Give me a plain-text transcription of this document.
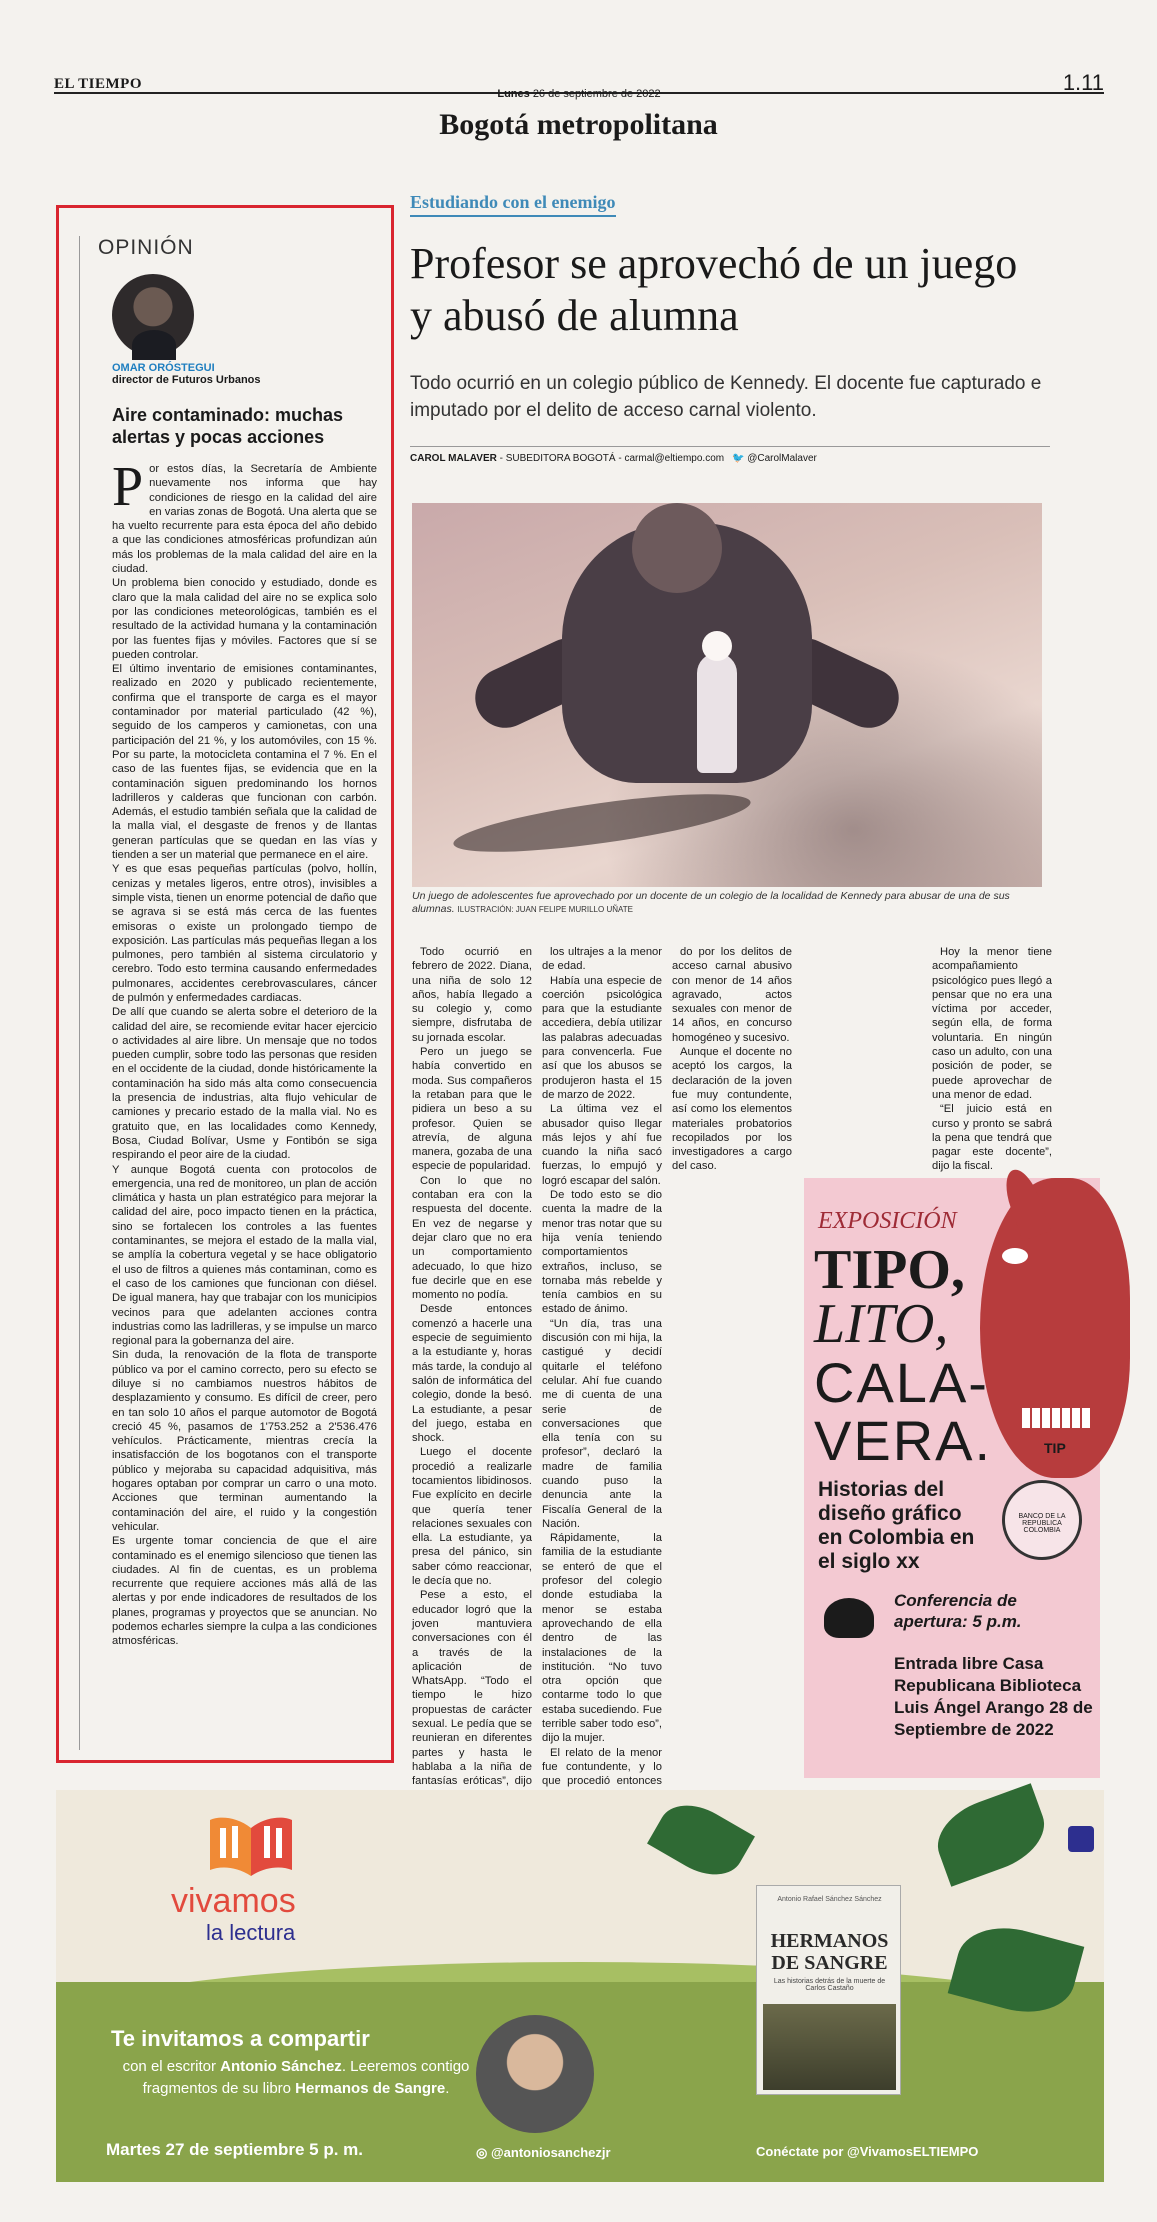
EL TIEMPO
Lunes 26 de septiembre de 2022	1.11
Bogotá metropolitana
OPINIÓN
OMAR ORÓSTEGUI
director de Futuros Urbanos
Aire contaminado: muchas alertas y pocas acciones

Por estos días, la Secretaría de Ambiente nuevamente nos informa que hay condiciones de riesgo en la calidad del aire en varias zonas de Bogotá. Una alerta que se ha vuelto recurrente para esta época del año debido a que las condiciones atmosféricas profundizan aún más los problemas de la mala calidad del aire en la ciudad.

Un problema bien conocido y estudiado, donde es claro que la mala calidad del aire no se explica solo por las condiciones meteorológicas, también es el resultado de la actividad humana y la contaminación por las fuentes fijas y móviles. Factores que sí se pueden controlar.

El último inventario de emisiones contaminantes, realizado en 2020 y publicado recientemente, confirma que el transporte de carga es el mayor contaminador por material particulado (42 %), seguido de los camperos y camionetas, con una participación del 21 %, y los automóviles, con 15 %. Por su parte, la motocicleta contamina el 7 %. En el caso de las fuentes fijas, se evidencia que en la contaminación siguen predominando los hornos ladrilleros y calderas que funcionan con carbón. Además, el estudio también señala que la calidad de la malla vial, el desgaste de frenos y de llantas generan partículas que se quedan en las vías y tienden a ser un material que permanece en el aire.

Y es que esas pequeñas partículas (polvo, hollín, cenizas y metales ligeros, entre otros), invisibles a simple vista, tienen un enorme potencial de daño que se agrava si se está más cerca de las fuentes emisoras o existe un prolongado tiempo de exposición. Las partículas más pequeñas llegan a los pulmones, pero también al sistema circulatorio y cerebro. Todo esto termina causando enfermedades pulmonares, accidentes cerebrovasculares, cáncer de pulmón y enfermedades cardiacas.

De allí que cuando se alerta sobre el deterioro de la calidad del aire, se recomiende evitar hacer ejercicio o actividades al aire libre. Un mensaje que no todos pueden cumplir, sobre todo las personas que residen en el occidente de la ciudad, donde históricamente la contaminación ha sido más alta como consecuencia la presencia de industrias, alta flujo vehicular de camiones y precario estado de la malla vial. No es gratuito que, en las localidades como Kennedy, Bosa, Ciudad Bolívar, Usme y Fontibón se siga respirando el peor aire de la ciudad.

Y aunque Bogotá cuenta con protocolos de emergencia, una red de monitoreo, un plan de acción climática y hasta un plan estratégico para mejorar la calidad del aire, poco impacto tienen en la práctica, sino se fortalecen los controles a las fuentes contaminantes, se mejora el estado de la malla vial, se amplía la cobertura vegetal y se hace obligatorio el uso de filtros a quienes más contaminan, como es el caso de los camiones que funcionan con diésel. De igual manera, hay que trabajar con los municipios vecinos para que adelanten acciones contra industrias como las ladrilleras, y se impulse un marco regional para la gobernanza del aire.

Sin duda, la renovación de la flota de transporte público va por el camino correcto, pero su efecto se diluye si no cambiamos nuestros hábitos de desplazamiento y consumo. Es difícil de creer, pero en tan solo 10 años el parque automotor de Bogotá creció 45 %, pasamos de 1'753.252 a 2'536.476 vehículos. Prácticamente, mientras crecía la insatisfacción de los bogotanos con el transporte público y mejoraba su capacidad adquisitiva, más hogares optaban por comprar un carro o una moto. Acciones que terminan aumentando la contaminación del aire, el ruido y la congestión vehicular.

Es urgente tomar conciencia de que el aire contaminado es el enemigo silencioso que tienen las ciudades. Al fin de cuentas, es un problema recurrente que requiere acciones más allá de las alertas y por ende indicadores de resultados de los planes, programas y proyectos que se anuncian. No podemos echarles siempre la culpa a las condiciones atmosféricas.

Estudiando con el enemigo
Profesor se aprovechó de un juego y abusó de alumna
Todo ocurrió en un colegio público de Kennedy. El docente fue capturado e imputado por el delito de acceso carnal violento.
CAROL MALAVER - SUBEDITORA BOGOTÁ - carmal@eltiempo.com 🐦 @CarolMalaver
Un juego de adolescentes fue aprovechado por un docente de un colegio de la localidad de Kennedy para abusar de una de sus alumnas. ILUSTRACIÓN: JUAN FELIPE MURILLO UÑATE

Todo ocurrió en febrero de 2022. Diana, una niña de solo 12 años, había llegado a su colegio y, como siempre, disfrutaba de su jornada escolar.

Pero un juego se había convertido en moda. Sus compañeros la retaban para que le pidiera un beso a su profesor. Quien se atrevía, de alguna manera, gozaba de una especie de popularidad.

Con lo que no contaban era con la respuesta del docente. En vez de negarse y dejar claro que no era un comportamiento adecuado, lo que hizo fue decirle que en ese momento no podía.

Desde entonces comenzó a hacerle una especie de seguimiento a la estudiante y, horas más tarde, la condujo al salón de informática del colegio, donde la besó. La estudiante, a pesar del juego, estaba en shock.

Luego el docente procedió a realizarle tocamientos libidinosos. Fue explícito en decirle que quería tener relaciones sexuales con ella. La estudiante, ya presa del pánico, sin saber cómo reaccionar, le decía que no.

Pese a esto, el educador logró que la joven mantuviera conversaciones con él a través de la aplicación de WhatsApp. “Todo el tiempo le hizo propuestas de carácter sexual. Le pedía que se reunieran en diferentes partes y hasta le hablaba a la niña de fantasías eróticas”, dijo

los ultrajes a la menor de edad.

Había una especie de coerción psicológica para que la estudiante accediera, debía utilizar las palabras adecuadas para convencerla. Fue así que los abusos se produjeron hasta el 15 de marzo de 2022.

La última vez el abusador quiso llegar más lejos y ahí fue cuando la niña sacó fuerzas, lo empujó y logró escapar del salón.

De todo esto se dio cuenta la madre de la menor tras notar que su hija venía teniendo comportamientos extraños, incluso, se tornaba más rebelde y tenía cambios en su estado de ánimo.

“Un día, tras una discusión con mi hija, la castigué y decidí quitarle el teléfono celular. Ahí fue cuando me di cuenta de una serie de conversaciones que ella tenía con su profesor”, declaró la madre de familia cuando puso la denuncia ante la Fiscalía General de la Nación.

Rápidamente, la familia de la estudiante se enteró de que el profesor del colegio donde estudiaba la menor se estaba aprovechando de ella dentro de las instalaciones de la institución. “No tuvo otra opción que contarme todo lo que estaba sucediendo. Fue terrible saber todo eso”, dijo la mujer.

El relato de la menor fue contundente, y lo que procedió entonces

do por los delitos de acceso carnal abusivo con menor de 14 años agravado, actos sexuales con menor de 14 años, en concurso homogéneo y sucesivo.

Aunque el docente no aceptó los cargos, la declaración de la joven fue muy contundente, así como los elementos materiales probatorios recopilados por los investigadores a cargo del caso.

Hoy la menor tiene acompañamiento psicológico pues llegó a pensar que no era una víctima por acceder, según ella, de forma voluntaria. En ningún caso un adulto, con una posición de poder, se puede aprovechar de una menor de edad.

“El juicio está en curso y pronto se sabrá la pena que tendrá que pagar este docente”, dijo la fiscal.

EXPOSICIÓN
TIPO,
LITO,
CALA-VERA.	TIP
Historias del diseño gráfico en Colombia en el siglo xx
BANCO DE LA REPÚBLICA COLOMBIA
Conferencia de apertura: 5 p.m.
Entrada libre Casa Republicana Biblioteca Luis Ángel Arango 28 de Septiembre de 2022
vivamos
la lectura
Te invitamos a compartir
con el escritor Antonio Sánchez. Leeremos contigo fragmentos de su libro Hermanos de Sangre.
Martes 27 de septiembre 5 p. m.	◎ @antoniosanchezjr
Antonio Rafael Sánchez Sánchez
HERMANOS DE SANGRE
Las historias detrás de la muerte de Carlos Castaño
Conéctate por @VivamosELTIEMPO
